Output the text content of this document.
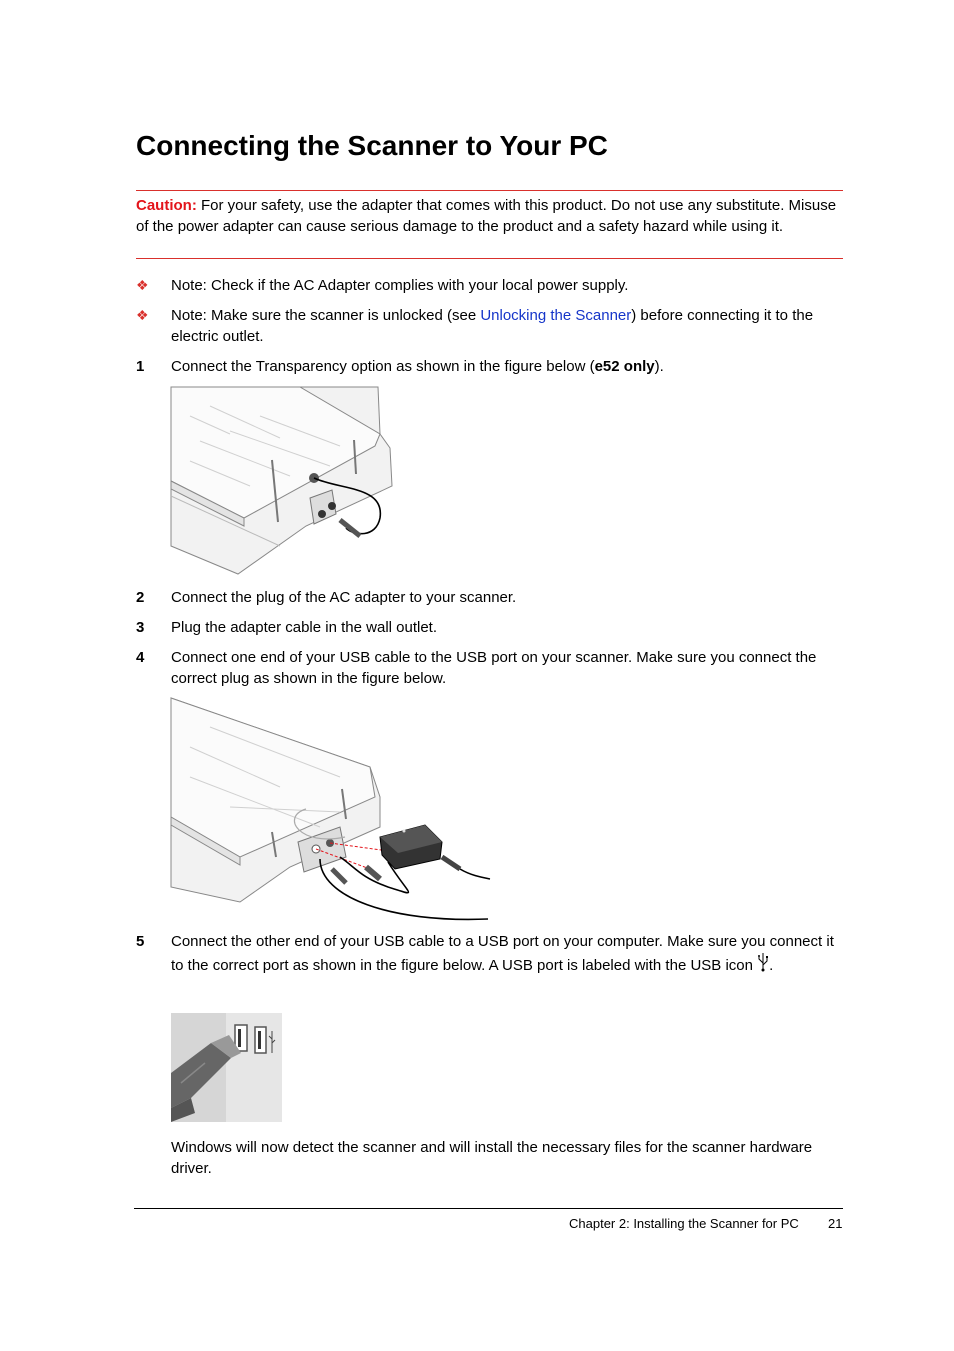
Connecting the Scanner to Your PC
Caution: For your safety, use the adapter that comes with this product. Do not use any substitute. Misuse of the power adapter can cause serious damage to the product and a safety hazard while using it.
❖	Note: Check if the AC Adapter complies with your local power supply.
❖	Note: Make sure the scanner is unlocked (see Unlocking the Scanner) before connecting it to the electric outlet.
1	Connect the Transparency option as shown in the figure below (e52 only).
2	Connect the plug of the AC adapter to your scanner.
3	Plug the adapter cable in the wall outlet.
4	Connect one end of your USB cable to the USB port on your scanner. Make sure you connect the correct plug as shown in the figure below.
5	Connect the other end of your USB cable to a USB port on your computer. Make sure you connect it to the correct port as shown in the figure below. A USB port is labeled with the USB icon .
Windows will now detect the scanner and will install the necessary files for the scanner hardware driver.
Chapter 2: Installing the Scanner for PC 21
